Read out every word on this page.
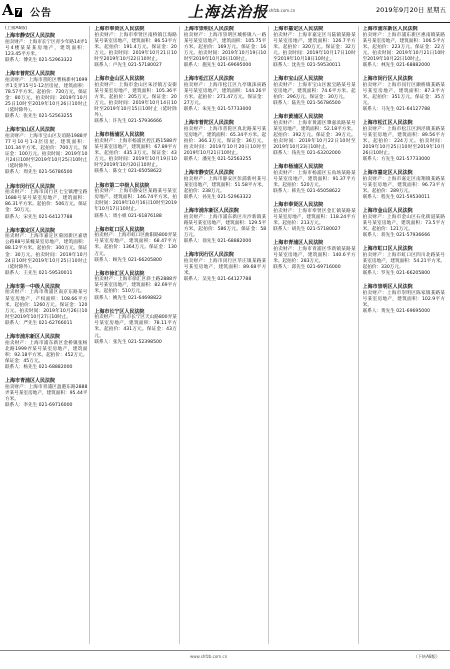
A 7 公告	上海法治报
www.shfzb.com.cn	2019年9月20日 星期五
(上接A6版)
上海市静安区人民法院
拍卖财产：上海市长宁区青少年路14弄1号4楼某某某房地产，建筑面积：123.45平方米。
联系人：傅先生 021-52963322
上海市普陀区人民法院
拍卖财产：上海市普陀区曹杨新村1699弄1支弄15号1-12层房屋，建筑面积：78.57平方米。起拍价：720万元。保证金：80万元。拍卖时间：2019年10月25日10时至2019年10月26日10时止（延时除外）。
联系人：张先生 021-52563255
上海市宝山区人民法院
拍卖财产：上海市宝山区友谊路1988弄77号10号1-3层房屋，建筑面积：101.34平方米。起拍价：700万元。保证金：100万元。拍卖时间：2019年10月24日10时至2019年10月25日10时止（延时除外）。
联系人：周先生 021-56786500
上海市闵行区人民法院
拍卖财产：上海市闵行区七宝镇漕宝路1688号某号某室房地产，建筑面积：86.31平方米。起拍价：506万元。保证金：50万元。
联系人：宋先生 021-64127788
上海市嘉定区人民法院
拍卖财产：上海市嘉定区菊园新区嘉唐公路88号某幢某室房地产，建筑面积：88.12平方米。起拍价：300万元。保证金：30万元。拍卖时间：2019年10月24日10时至2019年10月25日10时止（延时除外）。
联系人：王先生 021-59530011
上海市第一中级人民法院
拍卖财产：上海市黄浦区南京东路某号某室房地产，产权面积：108.66平方米。起拍价：1260万元。保证金：120万元。拍卖时间：2019年10月26日10时至2019年10月27日10时止。
联系人：严先生 021-62766011
上海市浦东新区人民法院
拍卖财产：上海市浦东新区金桥镇张杨北路1999弄某号某室房地产，建筑面积：92.18平方米。起拍价：452万元。保证金：45万元。
联系人：杨先生 021-68882000
上海市青浦区人民法院
拍卖财产：上海市青浦区盈港东路2888弄某号某室房地产，建筑面积：95.44平方米。
联系人：李先生 021-69716000
上海市奉贤区人民法院
拍卖财产：上海市奉贤区南桥镇江海路某号某室房地产，建筑面积：86.53平方米。起拍价：191.4万元。保证金：20万元。拍卖时间：2019年10月21日10时至2019年10月22日10时止。
联系人：卢先生 021-57180027
上海市金山区人民法院
拍卖财产：上海市金山区朱泾镇万安街某号某室房地产，建筑面积：105.36平方米。起拍价：205万元。保证金：20万元。拍卖时间：2019年10月14日10时至2019年10月15日10时止（延时除外）。
联系人：许先生 021-57936666
上海市杨浦区人民法院
拍卖财产：上海市杨浦区控江路1588弄某号某室房地产，建筑面积：67.89平方米。起拍价：435.3万元。保证金：43万元。拍卖时间：2019年10月19日10时至2019年10月20日10时止。
联系人：陈女士 021-65058622
上海市第二中级人民法院
拍卖财产：上海市静安区某路某号某室房地产。建筑面积：146.74平方米。拍卖时间：2019年10月16日10时至2019年10月17日10时止。
联系人：周小姐 021-61876188
上海市虹口区人民法院
拍卖财产：上海市虹口区曲阳路800弄某号某室房地产，建筑面积：68.47平方米。起拍价：1364万元。保证金：130万元。
联系人：顾先生 021-66205800
上海市徐汇区人民法院
拍卖财产：上海市徐汇区斜土路2888弄某号某室房地产，建筑面积：82.69平方米。起拍价：510万元。
联系人：姚先生 021-64698822
上海市长宁区人民法院
拍卖财产：上海市长宁区天山路800弄某号某室房地产，建筑面积：78.11平方米。起拍价：431万元。保证金：43万元。
联系人：张先生 021-52398500
上海市崇明区人民法院
拍卖财产：上海市崇明区城桥镇八一路某号某室房地产，建筑面积：105.75平方米。起拍价：169万元。保证金：16万元。拍卖时间：2019年10月19日10时至2019年10月20日10时止。
联系人：施先生 021-69695000
上海市松江区人民法院
拍卖财产：上海市松江区九亭镇涞寅路某号某室房地产，建筑面积：144.26平方米。起拍价：271.47万元。保证金：27万元。
联系人：朱先生 021-57733000
上海市普陀区人民法院
拍卖财产：上海市普陀区真北路某号某室房地产，建筑面积：65.34平方米。起拍价：366.3万元。保证金：36万元。拍卖时间：2019年10月20日10时至2019年10月21日10时止。
联系人：潘先生 021-52563255
上海市静安区人民法院
拍卖财产：上海市静安区彭浦新村某号某室房地产，建筑面积：51.58平方米。起拍价：238万元。
联系人：孙先生 021-52963322
上海市浦东新区人民法院
拍卖财产：上海市浦东新区川沙新镇某路某号某室房地产，建筑面积：129.5平方米。起拍价：586万元。保证金：58万元。
联系人：徐先生 021-68882000
上海市闵行区人民法院
拍卖财产：上海市闵行区莘庄镇某路某号某室房地产，建筑面积：89.68平方米。
联系人：吴先生 021-64127788
上海市嘉定区人民法院
拍卖财产：上海市嘉定区马陆镇某路某号某室房地产，建筑面积：126.7平方米。起拍价：320万元。保证金：32万元。拍卖时间：2019年10月17日10时至2019年10月18日10时止。
联系人：沈先生 021-59530011
上海市宝山区人民法院
拍卖财产：上海市宝山区淞宝路某号某室房地产，建筑面积：74.6平方米。起拍价：296万元。保证金：30万元。
联系人：陆先生 021-56786500
上海市黄浦区人民法院
拍卖财产：上海市黄浦区肇嘉浜路某号某室房地产，建筑面积：52.18平方米。起拍价：392万元。保证金：39万元。拍卖时间：2019年10月22日10时至2019年10月23日10时止。
联系人：钱先生 021-63202000
上海市杨浦区人民法院
拍卖财产：上海市杨浦区五角场某路某号某室房地产，建筑面积：91.37平方米。起拍价：520万元。
联系人：韩先生 021-65058622
上海市奉贤区人民法院
拍卖财产：上海市奉贤区金汇镇某路某号某室房地产，建筑面积：118.24平方米。起拍价：213万元。
联系人：胡先生 021-57180027
上海市青浦区人民法院
拍卖财产：上海市青浦区华新镇某路某号某室房地产，建筑面积：140.6平方米。起拍价：283万元。
联系人：邱先生 021-69716000
上海市浦东新区人民法院
拍卖财产：上海市浦东新区惠南镇某路某号某室房地产，建筑面积：106.5平方米。起拍价：223万元。保证金：22万元。拍卖时间：2019年10月21日10时至2019年10月22日10时止。
联系人：林先生 021-68882000
上海市闵行区人民法院
拍卖财产：上海市闵行区颛桥镇某路某号某室房地产，建筑面积：87.3平方米。起拍价：351万元。保证金：35万元。
联系人：马先生 021-64127788
上海市松江区人民法院
拍卖财产：上海市松江区泗泾镇某路某号某室房地产，建筑面积：89.56平方米。起拍价：224万元。拍卖时间：2019年10月25日10时至2019年10月26日10时止。
联系人：方先生 021-57733000
上海市嘉定区人民法院
拍卖财产：上海市嘉定区南翔镇某路某号某室房地产，建筑面积：96.73平方米。起拍价：289万元。
联系人：程先生 021-59530011
上海市金山区人民法院
拍卖财产：上海市金山区石化街道某路某号某室房地产，建筑面积：73.5平方米。起拍价：121万元。
联系人：蒋先生 021-57936666
上海市虹口区人民法院
拍卖财产：上海市虹口区四川北路某号某室房地产，建筑面积：54.21平方米。起拍价：330万元。
联系人：罗先生 021-66205800
上海市崇明区人民法院
拍卖财产：上海市崇明区陈家镇某路某号某室房地产，建筑面积：102.9平方米。
联系人：黄先生 021-69695000
www.shfzb.com.cn	（下转A8版）
